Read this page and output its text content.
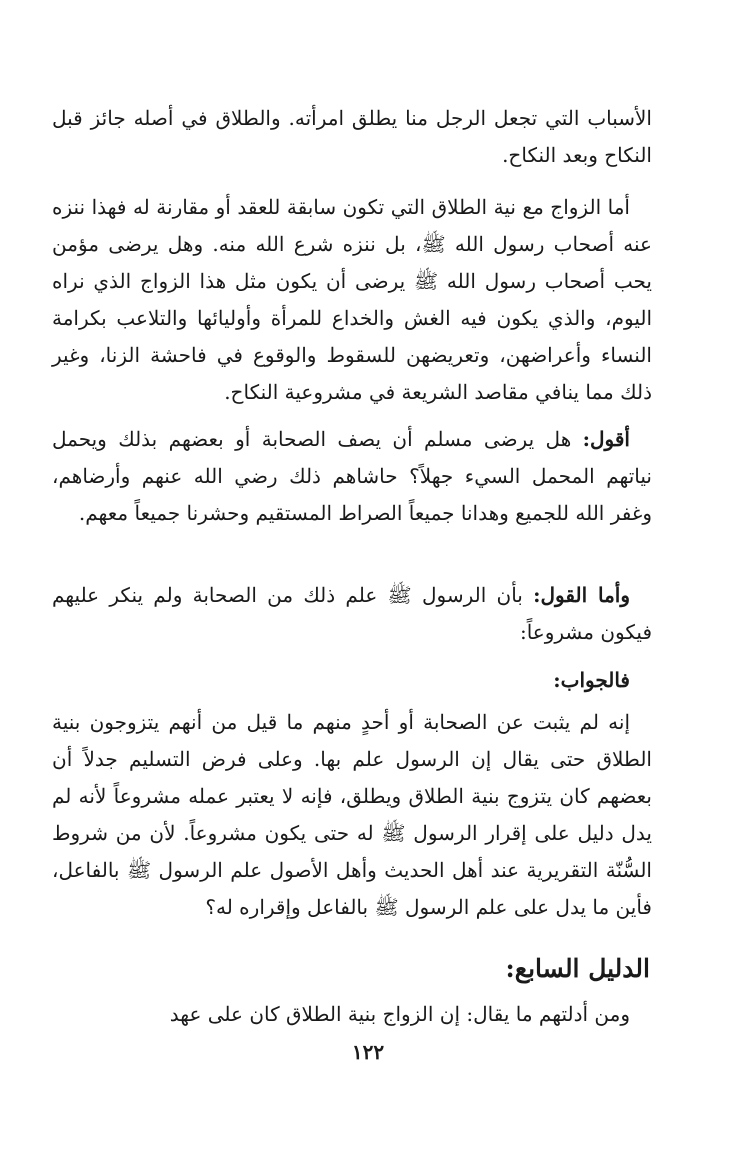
الأسباب التي تجعل الرجل منا يطلق امرأته. والطلاق في أصله جائز قبل النكاح وبعد النكاح.

أما الزواج مع نية الطلاق التي تكون سابقة للعقد أو مقارنة له فهذا ننزه عنه أصحاب رسول الله ﷺ، بل ننزه شرع الله منه. وهل يرضى مؤمن يحب أصحاب رسول الله ﷺ يرضى أن يكون مثل هذا الزواج الذي نراه اليوم، والذي يكون فيه الغش والخداع للمرأة وأوليائها والتلاعب بكرامة النساء وأعراضهن، وتعريضهن للسقوط والوقوع في فاحشة الزنا، وغير ذلك مما ينافي مقاصد الشريعة في مشروعية النكاح.

أقول: هل يرضى مسلم أن يصف الصحابة أو بعضهم بذلك ويحمل نياتهم المحمل السيء جهلاً؟ حاشاهم ذلك رضي الله عنهم وأرضاهم، وغفر الله للجميع وهدانا جميعاً الصراط المستقيم وحشرنا جميعاً معهم.

وأما القول: بأن الرسول ﷺ علم ذلك من الصحابة ولم ينكر عليهم فيكون مشروعاً:

فالجواب:

إنه لم يثبت عن الصحابة أو أحدٍ منهم ما قيل من أنهم يتزوجون بنية الطلاق حتى يقال إن الرسول علم بها. وعلى فرض التسليم جدلاً أن بعضهم كان يتزوج بنية الطلاق ويطلق، فإنه لا يعتبر عمله مشروعاً لأنه لم يدل دليل على إقرار الرسول ﷺ له حتى يكون مشروعاً. لأن من شروط السُّنّة التقريرية عند أهل الحديث وأهل الأصول علم الرسول ﷺ بالفاعل، فأين ما يدل على علم الرسول ﷺ بالفاعل وإقراره له؟

الدليل السابع:

ومن أدلتهم ما يقال: إن الزواج بنية الطلاق كان على عهد

١٢٢
